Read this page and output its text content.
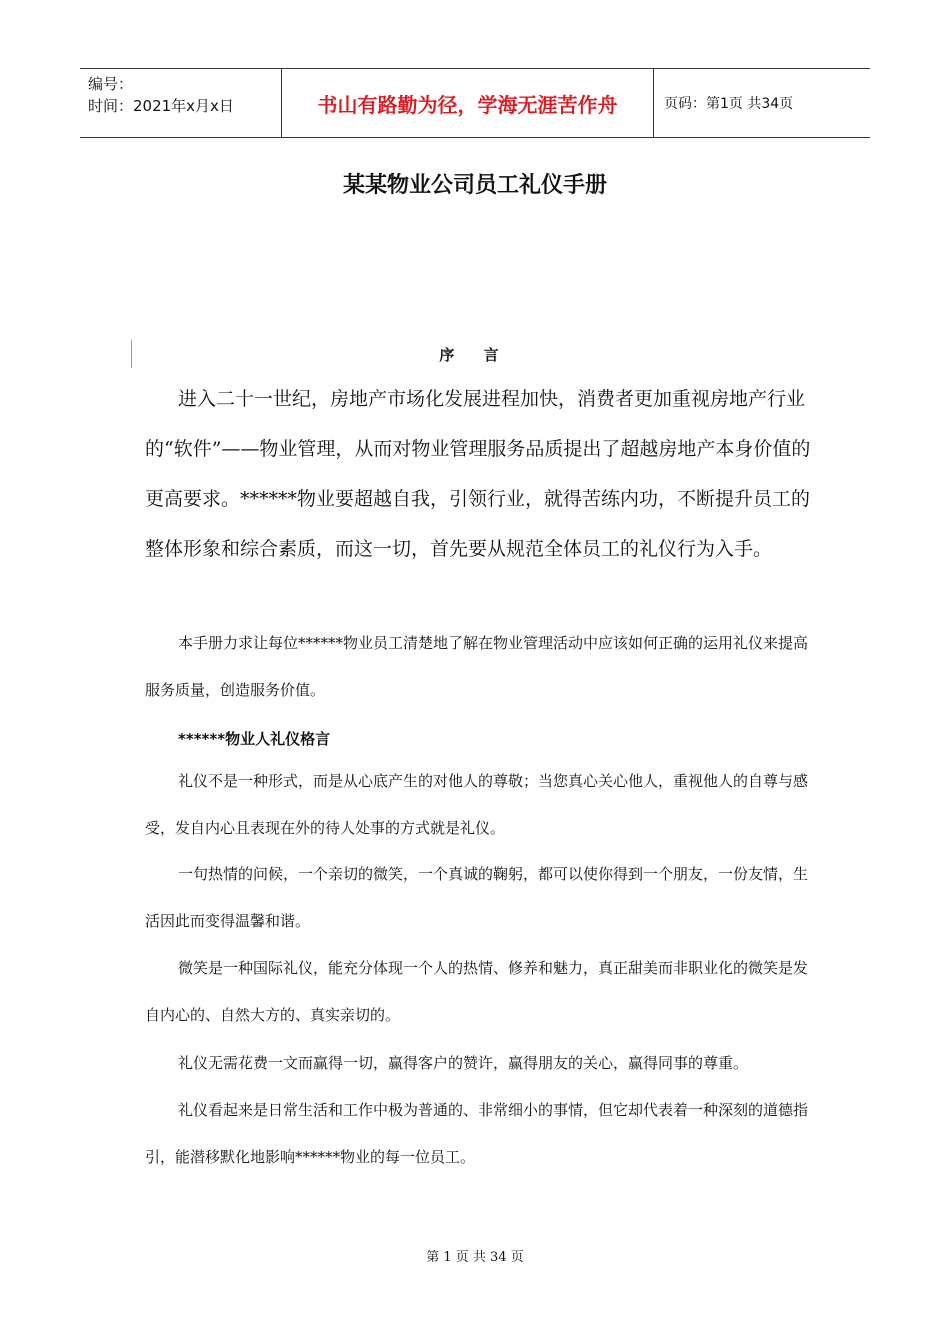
编号：
时间：2021年x月x日	书山有路勤为径，学海无涯苦作舟	页码：第1页 共34页
某某物业公司员工礼仪手册
序 言
进入二十一世纪，房地产市场化发展进程加快，消费者更加重视房地产行业的“软件”——物业管理，从而对物业管理服务品质提出了超越房地产本身价值的更高要求。******物业要超越自我，引领行业，就得苦练内功，不断提升员工的整体形象和综合素质，而这一切，首先要从规范全体员工的礼仪行为入手。
本手册力求让每位******物业员工清楚地了解在物业管理活动中应该如何正确的运用礼仪来提高服务质量，创造服务价值。
******物业人礼仪格言
礼仪不是一种形式，而是从心底产生的对他人的尊敬；当您真心关心他人，重视他人的自尊与感受，发自内心且表现在外的待人处事的方式就是礼仪。
一句热情的问候，一个亲切的微笑，一个真诚的鞠躬，都可以使你得到一个朋友，一份友情，生活因此而变得温馨和谐。
微笑是一种国际礼仪，能充分体现一个人的热情、修养和魅力，真正甜美而非职业化的微笑是发自内心的、自然大方的、真实亲切的。
礼仪无需花费一文而赢得一切，赢得客户的赞许，赢得朋友的关心，赢得同事的尊重。
礼仪看起来是日常生活和工作中极为普通的、非常细小的事情，但它却代表着一种深刻的道德指引，能潜移默化地影响******物业的每一位员工。
第 1 页 共 34 页
